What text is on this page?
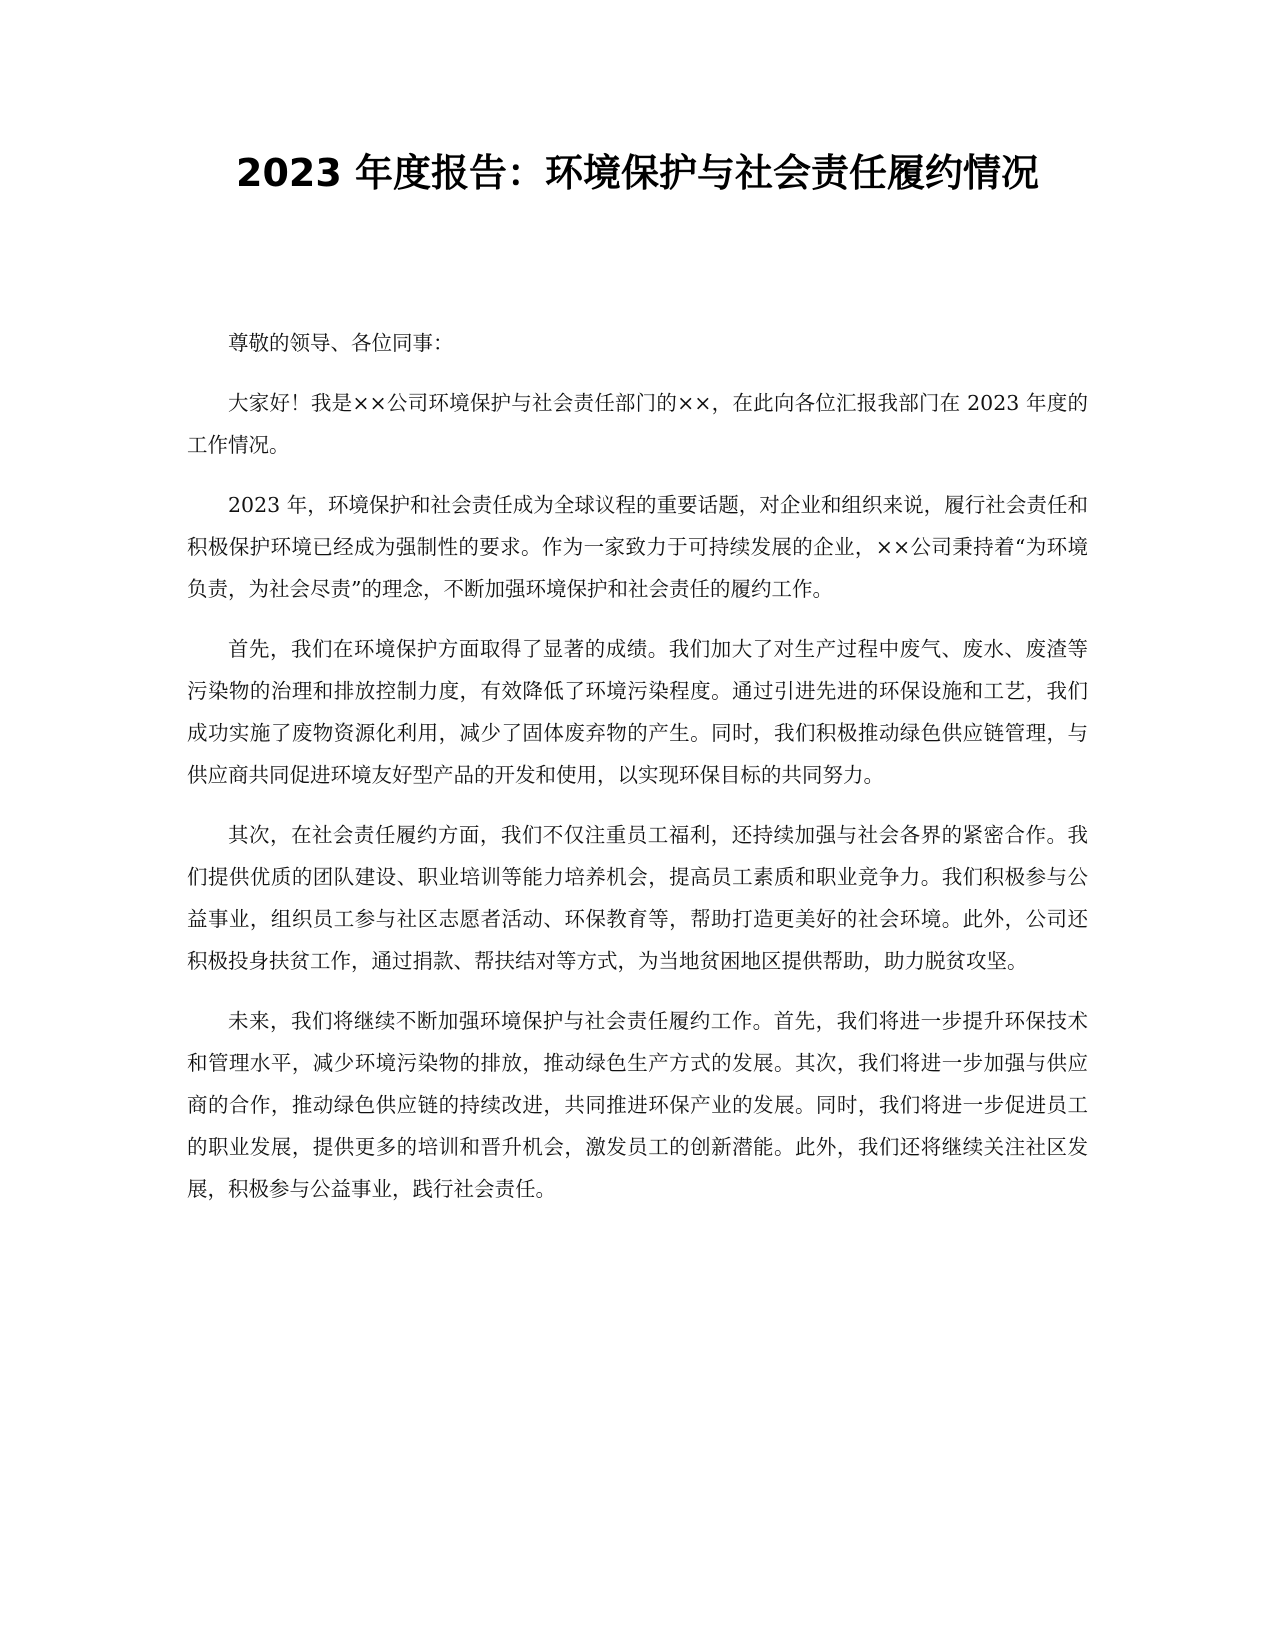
2023 年度报告：环境保护与社会责任履约情况

尊敬的领导、各位同事：

大家好！我是××公司环境保护与社会责任部门的××，在此向各位汇报我部门在 2023 年度的工作情况。

2023 年，环境保护和社会责任成为全球议程的重要话题，对企业和组织来说，履行社会责任和积极保护环境已经成为强制性的要求。作为一家致力于可持续发展的企业，××公司秉持着“为环境负责，为社会尽责”的理念，不断加强环境保护和社会责任的履约工作。

首先，我们在环境保护方面取得了显著的成绩。我们加大了对生产过程中废气、废水、废渣等污染物的治理和排放控制力度，有效降低了环境污染程度。通过引进先进的环保设施和工艺，我们成功实施了废物资源化利用，减少了固体废弃物的产生。同时，我们积极推动绿色供应链管理，与供应商共同促进环境友好型产品的开发和使用，以实现环保目标的共同努力。

其次，在社会责任履约方面，我们不仅注重员工福利，还持续加强与社会各界的紧密合作。我们提供优质的团队建设、职业培训等能力培养机会，提高员工素质和职业竞争力。我们积极参与公益事业，组织员工参与社区志愿者活动、环保教育等，帮助打造更美好的社会环境。此外，公司还积极投身扶贫工作，通过捐款、帮扶结对等方式，为当地贫困地区提供帮助，助力脱贫攻坚。

未来，我们将继续不断加强环境保护与社会责任履约工作。首先，我们将进一步提升环保技术和管理水平，减少环境污染物的排放，推动绿色生产方式的发展。其次，我们将进一步加强与供应商的合作，推动绿色供应链的持续改进，共同推进环保产业的发展。同时，我们将进一步促进员工的职业发展，提供更多的培训和晋升机会，激发员工的创新潜能。此外，我们还将继续关注社区发展，积极参与公益事业，践行社会责任。
